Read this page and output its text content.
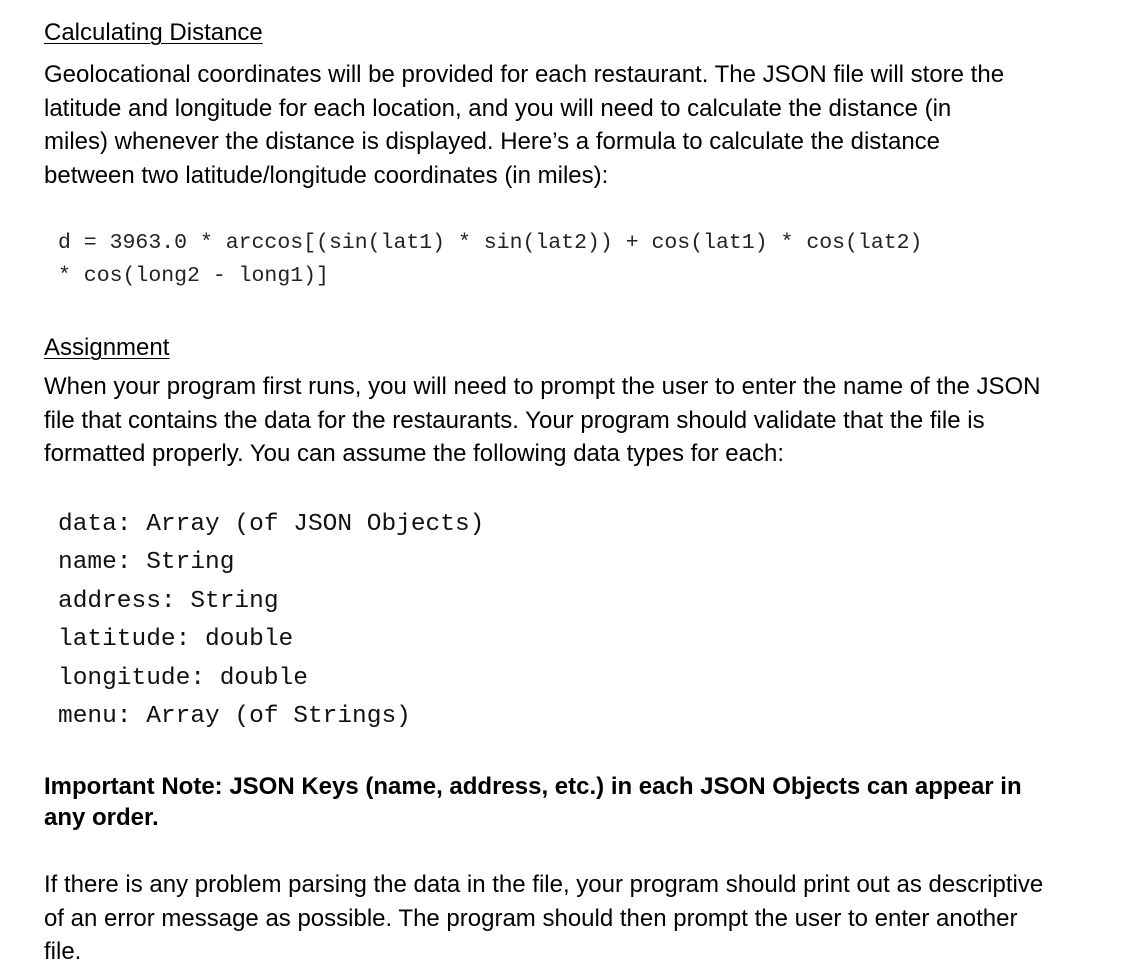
Calculating Distance
Geolocational coordinates will be provided for each restaurant. The JSON file will store the
latitude and longitude for each location, and you will need to calculate the distance (in
miles) whenever the distance is displayed. Here’s a formula to calculate the distance
between two latitude/longitude coordinates (in miles):
d = 3963.0 * arccos[(sin(lat1) * sin(lat2)) + cos(lat1) * cos(lat2)
* cos(long2 - long1)]
Assignment
When your program first runs, you will need to prompt the user to enter the name of the JSON
file that contains the data for the restaurants. Your program should validate that the file is
formatted properly. You can assume the following data types for each:
data: Array (of JSON Objects)
name: String
address: String
latitude: double
longitude: double
menu: Array (of Strings)
Important Note: JSON Keys (name, address, etc.) in each JSON Objects can appear in
any order.
If there is any problem parsing the data in the file, your program should print out as descriptive
of an error message as possible. The program should then prompt the user to enter another
file.
